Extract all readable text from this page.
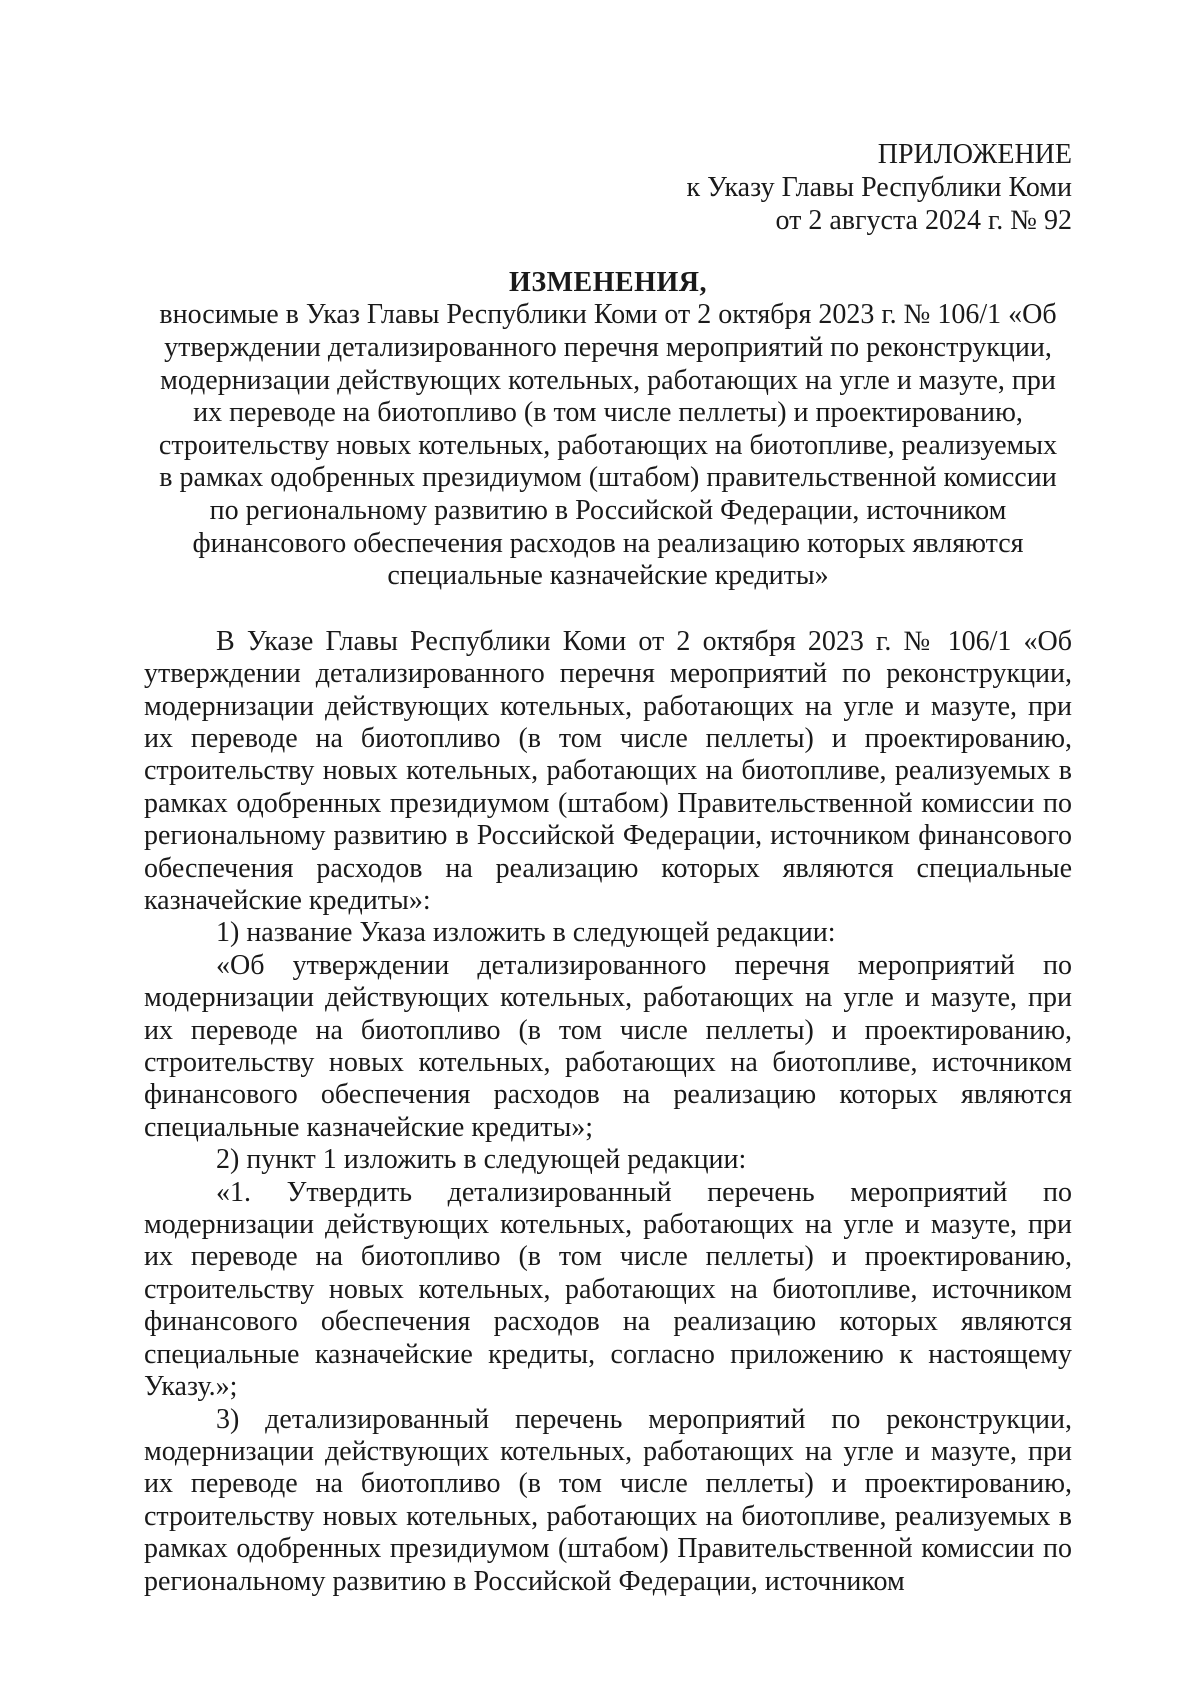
ПРИЛОЖЕНИЕ
к Указу Главы Республики Коми
от 2 августа 2024 г. № 92
ИЗМЕНЕНИЯ,
вносимые в Указ Главы Республики Коми от 2 октября 2023 г. № 106/1 «Об утверждении детализированного перечня мероприятий по реконструкции, модернизации действующих котельных, работающих на угле и мазуте, при их переводе на биотопливо (в том числе пеллеты) и проектированию, строительству новых котельных, работающих на биотопливе, реализуемых в рамках одобренных президиумом (штабом) правительственной комиссии по региональному развитию в Российской Федерации, источником финансового обеспечения расходов на реализацию которых являются специальные казначейские кредиты»

В Указе Главы Республики Коми от 2 октября 2023 г. № 106/1 «Об утверждении детализированного перечня мероприятий по реконструкции, модернизации действующих котельных, работающих на угле и мазуте, при их переводе на биотопливо (в том числе пеллеты) и проектированию, строительству новых котельных, работающих на биотопливе, реализуемых в рамках одобренных президиумом (штабом) Правительственной комиссии по региональному развитию в Российской Федерации, источником финансового обеспечения расходов на реализацию которых являются специальные казначейские кредиты»:

1) название Указа изложить в следующей редакции:

«Об утверждении детализированного перечня мероприятий по модернизации действующих котельных, работающих на угле и мазуте, при их переводе на биотопливо (в том числе пеллеты) и проектированию, строительству новых котельных, работающих на биотопливе, источником финансового обеспечения расходов на реализацию которых являются специальные казначейские кредиты»;

2) пункт 1 изложить в следующей редакции:

«1. Утвердить детализированный перечень мероприятий по модернизации действующих котельных, работающих на угле и мазуте, при их переводе на биотопливо (в том числе пеллеты) и проектированию, строительству новых котельных, работающих на биотопливе, источником финансового обеспечения расходов на реализацию которых являются специальные казначейские кредиты, согласно приложению к настоящему Указу.»;

3) детализированный перечень мероприятий по реконструкции, модернизации действующих котельных, работающих на угле и мазуте, при их переводе на биотопливо (в том числе пеллеты) и проектированию, строительству новых котельных, работающих на биотопливе, реализуемых в рамках одобренных президиумом (штабом) Правительственной комиссии по региональному развитию в Российской Федерации, источником
